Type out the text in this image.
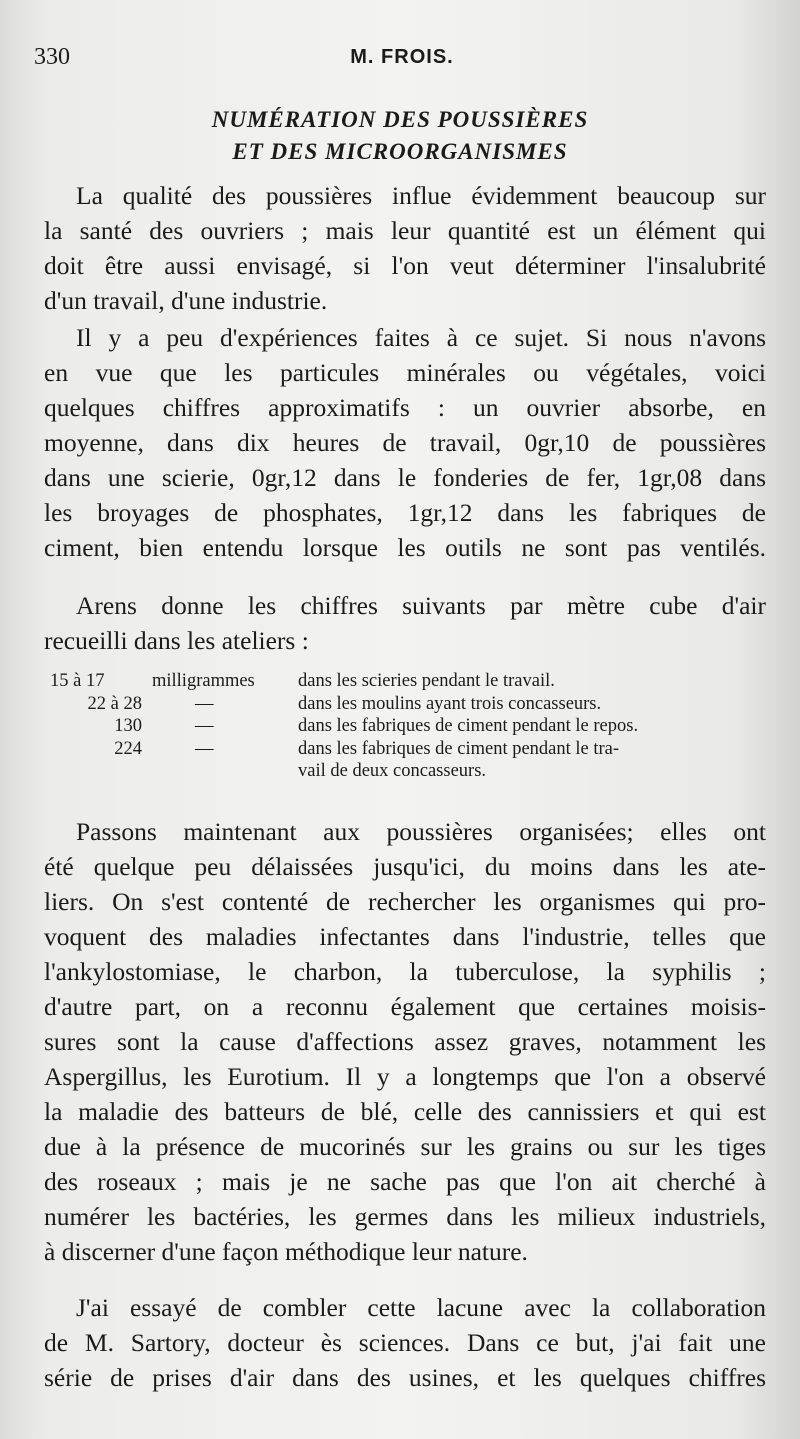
330	M. FROIS.
NUMÉRATION DES POUSSIÈRES
ET DES MICROORGANISMES
La qualité des poussières influe évidemment beaucoup sur
la santé des ouvriers ; mais leur quantité est un élément qui
doit être aussi envisagé, si l'on veut déterminer l'insalubrité
d'un travail, d'une industrie.
Il y a peu d'expériences faites à ce sujet. Si nous n'avons
en vue que les particules minérales ou végétales, voici
quelques chiffres approximatifs : un ouvrier absorbe, en
moyenne, dans dix heures de travail, 0gr,10 de poussières
dans une scierie, 0gr,12 dans le fonderies de fer, 1gr,08 dans
les broyages de phosphates, 1gr,12 dans les fabriques de
ciment, bien entendu lorsque les outils ne sont pas ventilés.
Arens donne les chiffres suivants par mètre cube d'air
recueilli dans les ateliers :
15 à 17	milligrammes	dans les scieries pendant le travail.
22 à 28	—	dans les moulins ayant trois concasseurs.
130	—	dans les fabriques de ciment pendant le repos.
224	—	dans les fabriques de ciment pendant le tra-
vail de deux concasseurs.
Passons maintenant aux poussières organisées; elles ont
été quelque peu délaissées jusqu'ici, du moins dans les ate-
liers. On s'est contenté de rechercher les organismes qui pro-
voquent des maladies infectantes dans l'industrie, telles que
l'ankylostomiase, le charbon, la tuberculose, la syphilis ;
d'autre part, on a reconnu également que certaines moisis-
sures sont la cause d'affections assez graves, notamment les
Aspergillus, les Eurotium. Il y a longtemps que l'on a observé
la maladie des batteurs de blé, celle des cannissiers et qui est
due à la présence de mucorinés sur les grains ou sur les tiges
des roseaux ; mais je ne sache pas que l'on ait cherché à
numérer les bactéries, les germes dans les milieux industriels,
à discerner d'une façon méthodique leur nature.
J'ai essayé de combler cette lacune avec la collaboration
de M. Sartory, docteur ès sciences. Dans ce but, j'ai fait une
série de prises d'air dans des usines, et les quelques chiffres
